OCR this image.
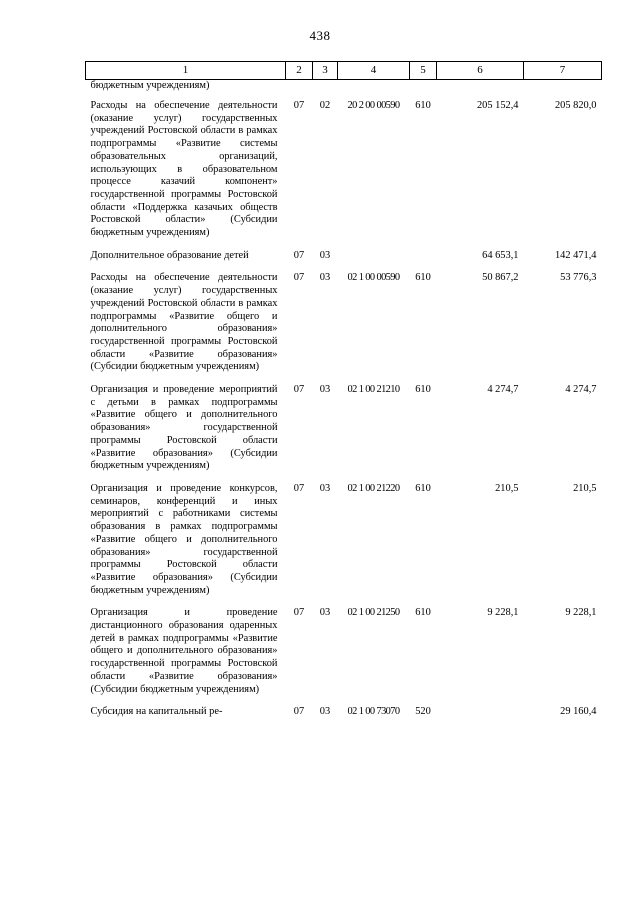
438
1	2	3	4	5	6	7
бюджетным учреждениям)						
Расходы на обеспечение деятельности (оказание услуг) государственных учреждений Ростовской области в рамках подпрограммы «Развитие системы образовательных организаций, использующих в образовательном процессе казачий компонент» государственной программы Ростовской области «Поддержка казачьих обществ Ростовской области» (Субсидии бюджетным учреждениям)	07	02	20 2 00 00590	610	205 152,4	205 820,0
Дополнительное образование детей	07	03			64 653,1	142 471,4
Расходы на обеспечение деятельности (оказание услуг) государственных учреждений Ростовской области в рамках подпрограммы «Развитие общего и дополнительного образования» государственной программы Ростовской области «Развитие образования» (Субсидии бюджетным учреждениям)	07	03	02 1 00 00590	610	50 867,2	53 776,3
Организация и проведение мероприятий с детьми в рамках подпрограммы «Развитие общего и дополнительного образования» государственной программы Ростовской области «Развитие образования» (Субсидии бюджетным учреждениям)	07	03	02 1 00 21210	610	4 274,7	4 274,7
Организация и проведение конкурсов, семинаров, конференций и иных мероприятий с работниками системы образования в рамках подпрограммы «Развитие общего и дополнительного образования» государственной программы Ростовской области «Развитие образования» (Субсидии бюджетным учреждениям)	07	03	02 1 00 21220	610	210,5	210,5
Организация и проведение дистанционного образования одаренных детей в рамках подпрограммы «Развитие общего и дополнительного образования» государственной программы Ростовской области «Развитие образования» (Субсидии бюджетным учреждениям)	07	03	02 1 00 21250	610	9 228,1	9 228,1
Субсидия на капитальный ре-	07	03	02 1 00 73070	520		29 160,4
